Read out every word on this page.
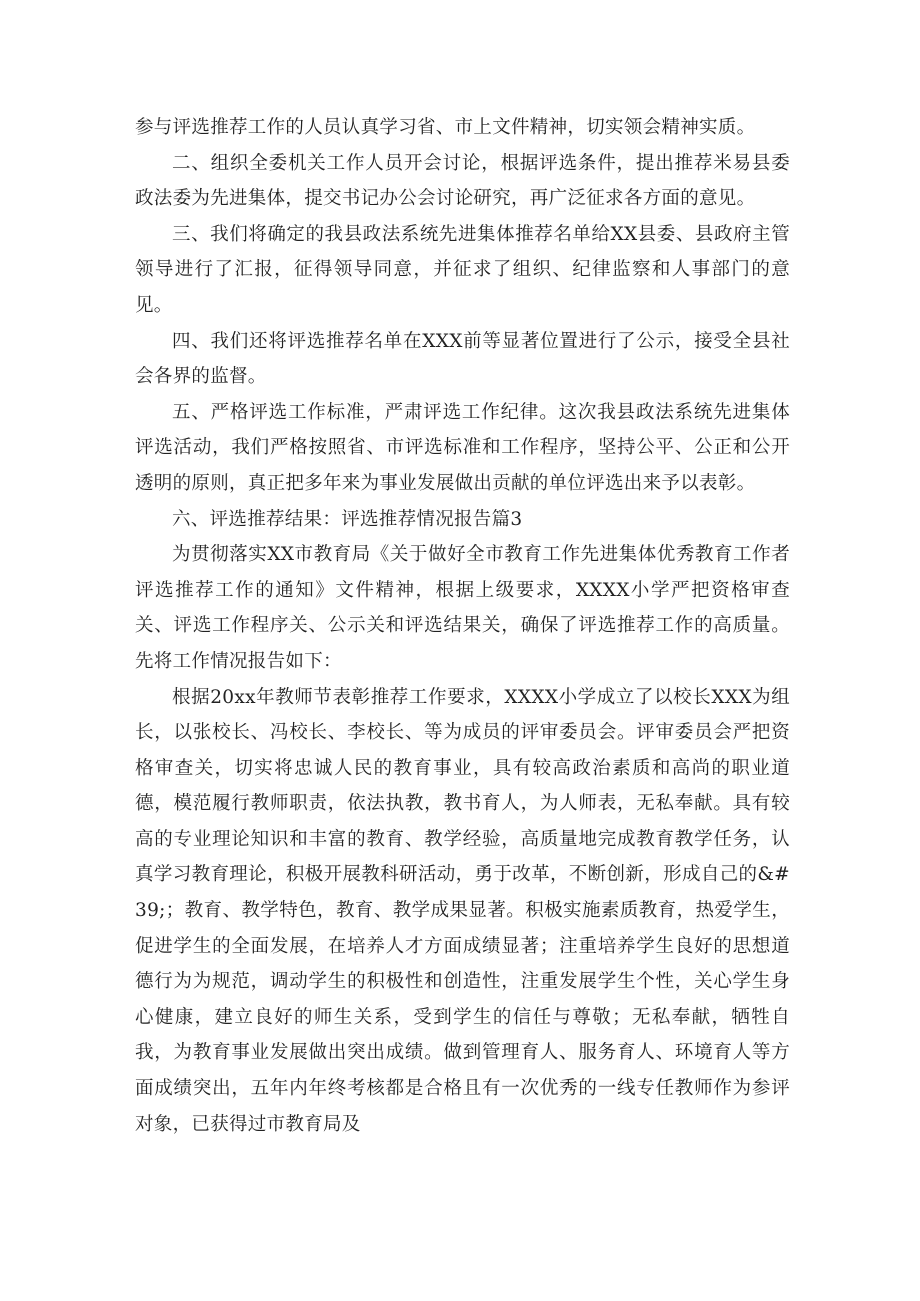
参与评选推荐工作的人员认真学习省、市上文件精神，切实领会精神实质。

二、组织全委机关工作人员开会讨论，根据评选条件，提出推荐米易县委政法委为先进集体，提交书记办公会讨论研究，再广泛征求各方面的意见。

三、我们将确定的我县政法系统先进集体推荐名单给XX县委、县政府主管领导进行了汇报，征得领导同意，并征求了组织、纪律监察和人事部门的意见。

四、我们还将评选推荐名单在XXX前等显著位置进行了公示，接受全县社会各界的监督。

五、严格评选工作标准，严肃评选工作纪律。这次我县政法系统先进集体评选活动，我们严格按照省、市评选标准和工作程序，坚持公平、公正和公开透明的原则，真正把多年来为事业发展做出贡献的单位评选出来予以表彰。

六、评选推荐结果：评选推荐情况报告篇3

为贯彻落实XX市教育局《关于做好全市教育工作先进集体优秀教育工作者评选推荐工作的通知》文件精神，根据上级要求，XXXX小学严把资格审查关、评选工作程序关、公示关和评选结果关，确保了评选推荐工作的高质量。先将工作情况报告如下：

根据20xx年教师节表彰推荐工作要求，XXXX小学成立了以校长XXX为组长，以张校长、冯校长、李校长、等为成员的评审委员会。评审委员会严把资格审查关，切实将忠诚人民的教育事业，具有较高政治素质和高尚的职业道德，模范履行教师职责，依法执教，教书育人，为人师表，无私奉献。具有较高的专业理论知识和丰富的教育、教学经验，高质量地完成教育教学任务，认真学习教育理论，积极开展教科研活动，勇于改革，不断创新，形成自己的&#39;；教育、教学特色，教育、教学成果显著。积极实施素质教育，热爱学生，促进学生的全面发展，在培养人才方面成绩显著；注重培养学生良好的思想道德行为为规范，调动学生的积极性和创造性，注重发展学生个性，关心学生身心健康，建立良好的师生关系，受到学生的信任与尊敬；无私奉献，牺牲自我，为教育事业发展做出突出成绩。做到管理育人、服务育人、环境育人等方面成绩突出，五年内年终考核都是合格且有一次优秀的一线专任教师作为参评对象，已获得过市教育局及
